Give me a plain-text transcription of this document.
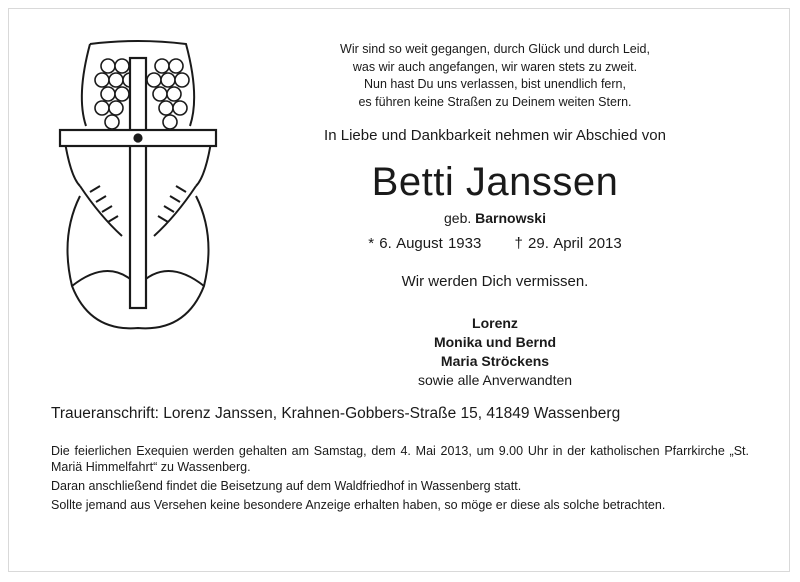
Wir sind so weit gegangen, durch Glück und durch Leid,
was wir auch angefangen, wir waren stets zu zweit.
Nun hast Du uns verlassen, bist unendlich fern,
es führen keine Straßen zu Deinem weiten Stern.
In Liebe und Dankbarkeit nehmen wir Abschied von
Betti Janssen
geb. Barnowski
* 6. August 1933 † 29. April 2013
Wir werden Dich vermissen.
Lorenz
Monika und Bernd
Maria Ströckens
sowie alle Anverwandten
Traueranschrift: Lorenz Janssen, Krahnen-Gobbers-Straße 15, 41849 Wassenberg

Die feierlichen Exequien werden gehalten am Samstag, dem 4. Mai 2013, um 9.00 Uhr in der katholischen Pfarrkirche „St. Mariä Himmelfahrt“ zu Wassenberg.

Daran anschließend findet die Beisetzung auf dem Waldfriedhof in Wassenberg statt.

Sollte jemand aus Versehen keine besondere Anzeige erhalten haben, so möge er diese als solche betrachten.
